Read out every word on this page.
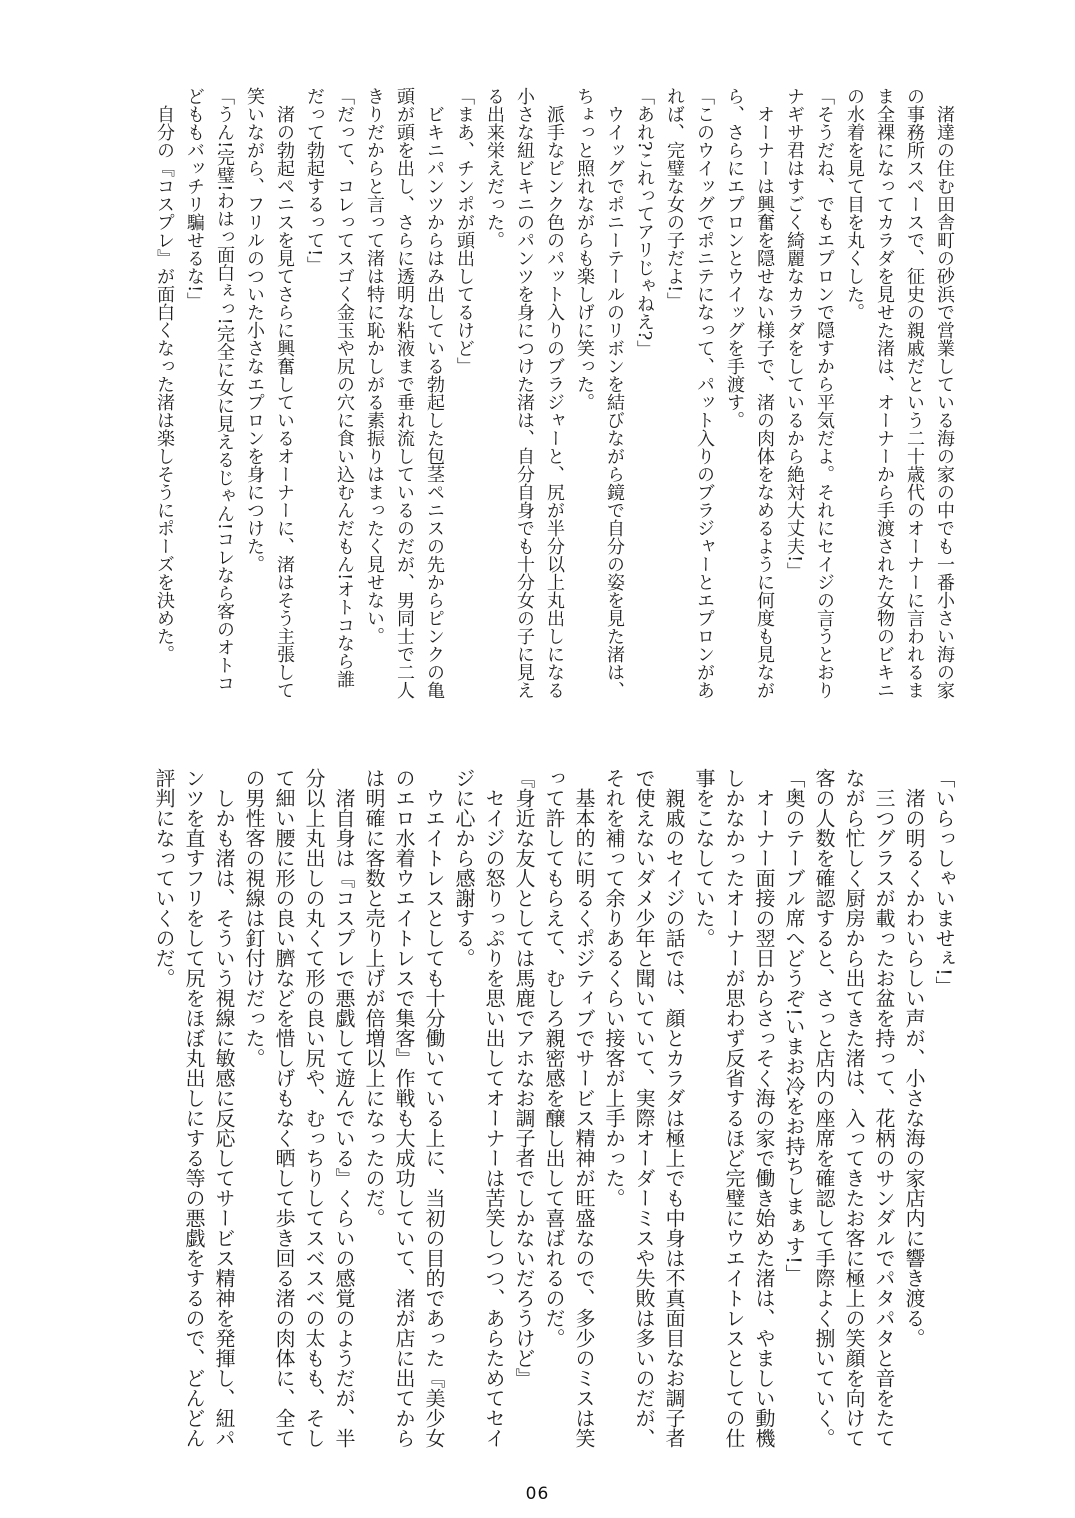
渚達の住む田舎町の砂浜で営業している海の家の中でも一番小さい海の家の事務所スペースで、征史の親戚だという二十歳代のオーナーに言われるまま全裸になってカラダを見せた渚は、オーナーから手渡された女物のビキニの水着を見て目を丸くした。

「そうだね、でもエプロンで隠すから平気だよ。それにセイジの言うとおりナギサ君はすごく綺麗なカラダをしているから絶対大丈夫!」

オーナーは興奮を隠せない様子で、渚の肉体をなめるように何度も見ながら、さらにエプロンとウイッグを手渡す。

「このウイッグでポニテになって、パット入りのブラジャーとエプロンがあれば、完璧な女の子だよ!」

「あれ?これってアリじゃねえ?」

ウイッグでポニーテールのリボンを結びながら鏡で自分の姿を見た渚は、ちょっと照れながらも楽しげに笑った。

派手なピンク色のパット入りのブラジャーと、尻が半分以上丸出しになる小さな紐ビキニのパンツを身につけた渚は、自分自身でも十分女の子に見える出来栄えだった。

「まあ、チンポが頭出してるけど」

ビキニパンツからはみ出している勃起した包茎ペニスの先からピンクの亀頭が頭を出し、さらに透明な粘液まで垂れ流しているのだが、男同士で二人きりだからと言って渚は特に恥かしがる素振りはまったく見せない。

「だって、コレってスゴく金玉や尻の穴に食い込むんだもん!オトコなら誰だって勃起するって!」

渚の勃起ペニスを見てさらに興奮しているオーナーに、渚はそう主張して笑いながら、フリルのついた小さなエプロンを身につけた。

「うん!完璧!わはっ面白ぇっ!完全に女に見えるじゃん!コレなら客のオトコどももバッチリ騙せるな!」

自分の『コスプレ』が面白くなった渚は楽しそうにポーズを決めた。

「いらっしゃいませぇ!」

渚の明るくかわいらしい声が、小さな海の家店内に響き渡る。

三つグラスが載ったお盆を持って、花柄のサンダルでパタパタと音をたてながら忙しく厨房から出てきた渚は、入ってきたお客に極上の笑顔を向けて客の人数を確認すると、さっと店内の座席を確認して手際よく捌いていく。

「奥のテーブル席へどうぞ!いまお冷をお持ちしまぁす!」

オーナー面接の翌日からさっそく海の家で働き始めた渚は、やましい動機しかなかったオーナーが思わず反省するほど完璧にウエイトレスとしての仕事をこなしていた。

親戚のセイジの話では、顔とカラダは極上でも中身は不真面目なお調子者で使えないダメ少年と聞いていて、実際オーダーミスや失敗は多いのだが、それを補って余りあるくらい接客が上手かった。

基本的に明るくポジティブでサービス精神が旺盛なので、多少のミスは笑って許してもらえて、むしろ親密感を醸し出して喜ばれるのだ。

『身近な友人としては馬鹿でアホなお調子者でしかないだろうけど』

セイジの怒りっぷりを思い出してオーナーは苦笑しつつ、あらためてセイジに心から感謝する。

ウエイトレスとしても十分働いている上に、当初の目的であった『美少女のエロ水着ウエイトレスで集客』作戦も大成功していて、渚が店に出てからは明確に客数と売り上げが倍増以上になったのだ。

渚自身は『コスプレで悪戯して遊んでいる』くらいの感覚のようだが、半分以上丸出しの丸くて形の良い尻や、むっちりしてスベスベの太もも、そして細い腰に形の良い臍などを惜しげもなく晒して歩き回る渚の肉体に、全ての男性客の視線は釘付けだった。

しかも渚は、そういう視線に敏感に反応してサービス精神を発揮し、紐パンツを直すフリをして尻をほぼ丸出しにする等の悪戯をするので、どんどん評判になっていくのだ。

06
